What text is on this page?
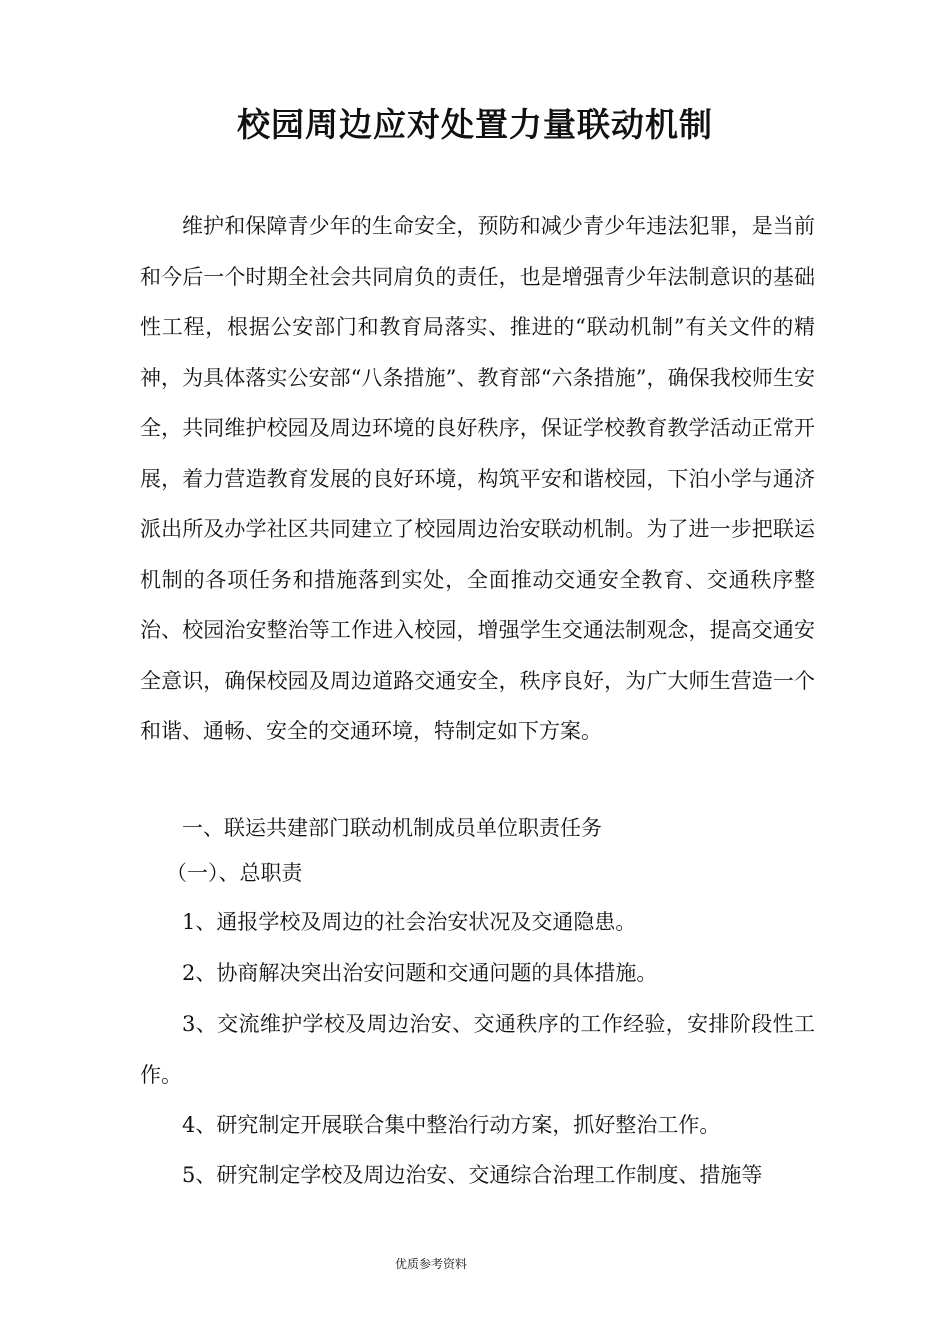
校园周边应对处置力量联动机制

维护和保障青少年的生命安全，预防和减少青少年违法犯罪，是当前和今后一个时期全社会共同肩负的责任，也是增强青少年法制意识的基础性工程，根据公安部门和教育局落实、推进的“联动机制”有关文件的精神，为具体落实公安部“八条措施”、教育部“六条措施”，确保我校师生安全，共同维护校园及周边环境的良好秩序，保证学校教育教学活动正常开展，着力营造教育发展的良好环境，构筑平安和谐校园，下泊小学与通济派出所及办学社区共同建立了校园周边治安联动机制。为了进一步把联运机制的各项任务和措施落到实处，全面推动交通安全教育、交通秩序整治、校园治安整治等工作进入校园，增强学生交通法制观念，提高交通安全意识，确保校园及周边道路交通安全，秩序良好，为广大师生营造一个和谐、通畅、安全的交通环境，特制定如下方案。

一、联运共建部门联动机制成员单位职责任务

（一）、总职责

1、通报学校及周边的社会治安状况及交通隐患。

2、协商解决突出治安问题和交通问题的具体措施。

3、交流维护学校及周边治安、交通秩序的工作经验，安排阶段性工作。

4、研究制定开展联合集中整治行动方案，抓好整治工作。

5、研究制定学校及周边治安、交通综合治理工作制度、措施等

优质参考资料
